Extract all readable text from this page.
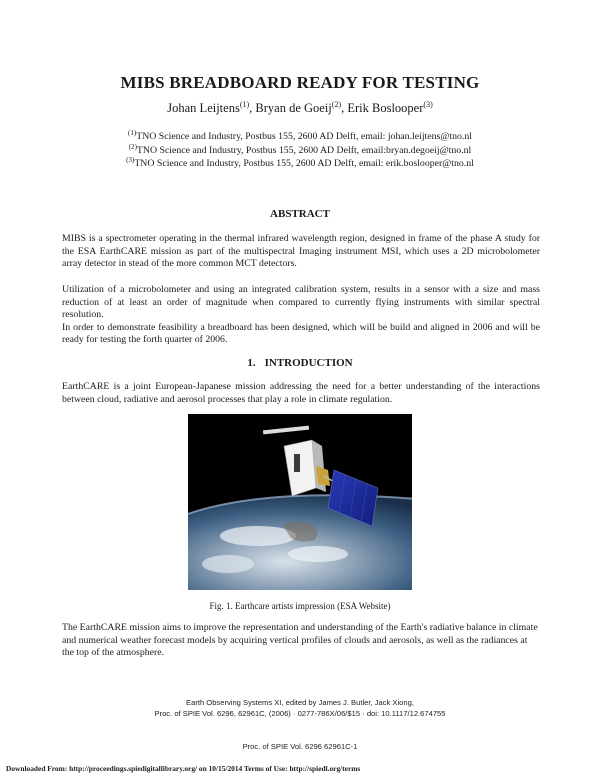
MIBS BREADBOARD READY FOR TESTING
Johan Leijtens$^{(1)}$, Bryan de Goeij$^{(2)}$, Erik Boslooper$^{(3)}$
$^{(1)}$TNO Science and Industry, Postbus 155, 2600 AD Delft, email: johan.leijtens@tno.nl
$^{(2)}$TNO Science and Industry, Postbus 155, 2600 AD Delft, email:bryan.degoeij@tno.nl
$^{(3)}$TNO Science and Industry, Postbus 155, 2600 AD Delft, email: erik.boslooper@tno.nl
ABSTRACT

MIBS is a spectrometer operating in the thermal infrared wavelength region, designed in frame of the phase A study for the ESA EarthCARE mission as part of the multispectral Imaging instrument MSI, which uses a 2D microbolometer array detector in stead of the more common MCT detectors.

Utilization of a microbolometer and using an integrated calibration system, results in a sensor with a size and mass reduction of at least an order of magnitude when compared to currently flying instruments with similar spectral resolution.

In order to demonstrate feasibility a breadboard has been designed, which will be build and aligned in 2006 and will be ready for testing the forth quarter of 2006.

1. INTRODUCTION

EarthCARE is a joint European-Japanese mission addressing the need for a better understanding of the interactions between cloud, radiative and aerosol processes that play a role in climate regulation.

Fig. 1. Earthcare artists impression (ESA Website)

The EarthCARE mission aims to improve the representation and understanding of the Earth's radiative balance in climate and numerical weather forecast models by acquiring vertical profiles of clouds and aerosols, as well as the radiances at the top of the atmosphere.

Earth Observing Systems XI, edited by James J. Butler, Jack Xiong,
Proc. of SPIE Vol. 6296, 62961C, (2006) · 0277-786X/06/$15 · doi: 10.1117/12.674755
Proc. of SPIE Vol. 6296 62961C-1
Downloaded From: http://proceedings.spiedigitallibrary.org/ on 10/15/2014 Terms of Use: http://spiedl.org/terms
